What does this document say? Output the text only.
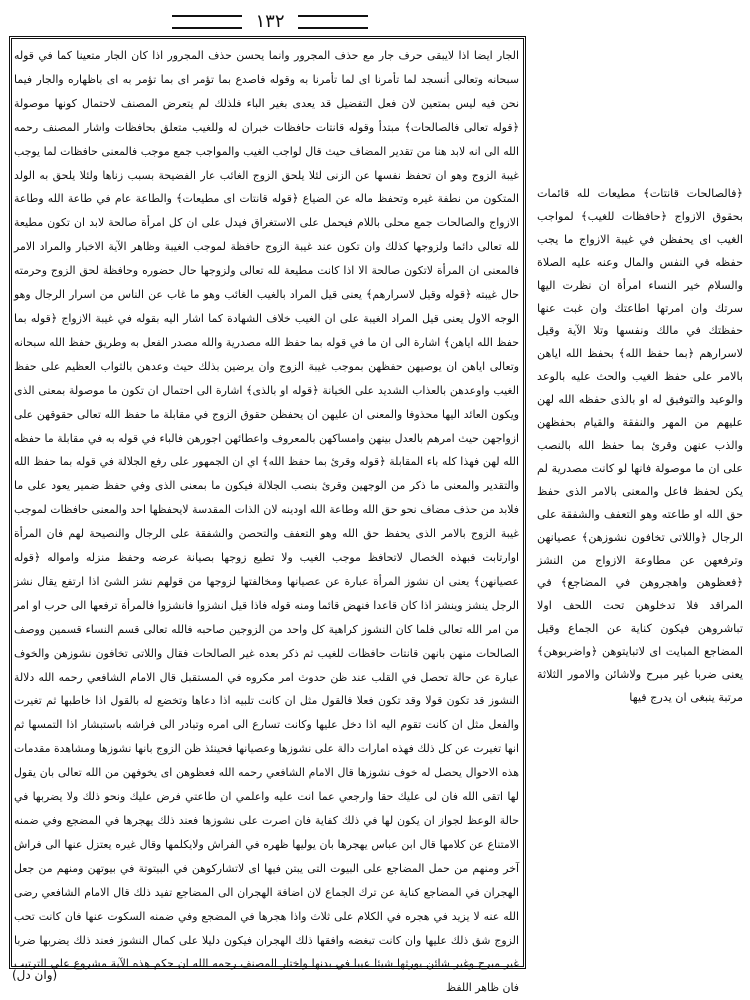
١٣٢

الجار ايضا اذا لايبقى حرف جار مع حذف المجرور وانما يحسن حذف المجرور اذا كان الجار متعينا كما في قوله سبحانه وتعالى أنسجد لما تأمرنا اى لما تأمرنا به وقوله فاصدع بما تؤمر اى بما تؤمر به اى باظهاره والجار فيما نحن فيه ليس بمتعين لان فعل التفضيل قد يعدى بغير الباء فلذلك لم يتعرض المصنف لاحتمال كونها موصولة ﴿قوله تعالى فالصالحات﴾ مبتدأ وقوله قانتات حافظات خبران له وللغيب متعلق بحافظات واشار المصنف رحمه الله الى انه لابد هنا من تقدير المضاف حيث قال لواجب الغيب والمواجب جمع موجب فالمعنى حافظات لما يوجب غيبة الزوج وهو ان تحفظ نفسها عن الزنى لئلا يلحق الزوج الغائب عار الفضيحة بسبب زناها ولئلا يلحق به الولد المتكون من نطفة غيره وتحفظ ماله عن الضياع ﴿قوله قانتات اى مطيعات﴾ والطاعة عام في طاعة الله وطاعة الازواج والصالحات جمع محلى باللام فيحمل على الاستغراق فيدل على ان كل امرأة صالحة لابد ان تكون مطيعة لله تعالى دائما ولزوجها كذلك وان تكون عند غيبة الزوج حافظة لموجب الغيبة وظاهر الآية الاخبار والمراد الامر فالمعنى ان المرأة لاتكون صالحة الا اذا كانت مطيعة لله تعالى ولزوجها حال حضوره وحافظة لحق الزوج وحرمته حال غيبته ﴿قوله وقيل لاسرارهم﴾ يعنى قيل المراد بالغيب الغائب وهو ما غاب عن الناس من اسرار الرجال وهو الوجه الاول يعنى قيل المراد الغيبة على ان الغيب خلاف الشهادة كما اشار اليه بقوله في غيبة الازواج ﴿قوله بما حفظ الله اياهن﴾ اشارة الى ان ما في قوله بما حفظ الله مصدرية والله مصدر الفعل به وطريق حفظ الله سبحانه وتعالى اياهن ان يوصيهن حفظهن بموجب غيبة الزوج وان يرضين بذلك حيث وعدهن بالثواب العظيم على حفظ الغيب واوعدهن بالعذاب الشديد على الخيانة ﴿قوله او بالذى﴾ اشارة الى احتمال ان تكون ما موصولة بمعنى الذى ويكون العائد اليها محذوفا والمعنى ان عليهن ان يحفظن حقوق الزوج في مقابلة ما حفظ الله تعالى حقوقهن على ازواجهن حيث امرهم بالعدل بينهن وامساكهن بالمعروف واعطائهن اجورهن فالباء في قوله به في مقابلة ما حفظه الله لهن فهذا كله باء المقابلة ﴿قوله وقرئ بما حفظ الله﴾ اي ان الجمهور على رفع الجلالة في قوله بما حفظ الله والتقدير والمعنى ما ذكر من الوجهين وقرئ بنصب الجلالة فيكون ما بمعنى الذى وفي حفظ ضمير يعود على ما فلابد من حذف مضاف نحو حق الله وطاعة الله اودينه لان الذات المقدسة لايحفظها احد والمعنى حافظات لموجب غيبة الزوج بالامر الذى يحفظ حق الله وهو التعفف والتحصن والشفقة على الرجال والنصيحة لهم فان المرأة اوارتابت فبهذه الخصال لاتحافظ موجب الغيب ولا تطيع زوجها بصيانة عرضه وحفظ منزله وامواله ﴿قوله عصيانهن﴾ يعنى ان نشوز المرأة عبارة عن عصيانها ومخالفتها لزوجها من قولهم نشز الشئ اذا ارتفع يقال نشز الرجل ينشز وينشز اذا كان قاعدا فنهض قائما ومنه قوله فاذا قيل انشزوا فانشزوا فالمرأة ترفعها الى حرب او امر من امر الله تعالى فلما كان النشوز كراهية كل واحد من الزوجين صاحبه فالله تعالى قسم النساء قسمين ووصف الصالحات منهن بانهن قانتات حافظات للغيب ثم ذكر بعده غير الصالحات فقال واللاتى تخافون نشوزهن والخوف عبارة عن حالة تحصل في القلب عند ظن حدوث امر مكروه في المستقبل قال الامام الشافعي رحمه الله دلالة النشوز قد تكون قولا وقد تكون فعلا فالقول مثل ان كانت تلبيه اذا دعاها وتخضع له بالقول اذا خاطبها ثم تغيرت والفعل مثل ان كانت تقوم اليه اذا دخل عليها وكانت تسارع الى امره وتبادر الى فراشه باستبشار اذا التمسها ثم انها تغيرت عن كل ذلك فهذه امارات دالة على نشوزها وعصيانها فحينئذ ظن الزوج بانها نشوزها ومشاهدة مقدمات هذه الاحوال يحصل له خوف نشوزها قال الامام الشافعي رحمه الله فعظوهن اى يخوفهن من الله تعالى بان يقول لها اتقى الله فان لى عليك حقا وارجعي عما انت عليه واعلمي ان طاعتي فرض عليك ونحو ذلك ولا يضربها في حالة الوعظ لجواز ان يكون لها في ذلك كفاية فان اصرت على نشوزها فعند ذلك يهجرها في المضجع وفي ضمنه الامتناع عن كلامها قال ابن عباس يهجرها بان يوليها ظهره في الفراش ولايكلمها وقال غيره يعتزل عنها الى فراش آخر ومنهم من حمل المضاجع على البيوت التى يبتن فيها اى لاتشاركوهن في البيتوتة في بيوتهن ومنهم من جعل الهجران في المضاجع كناية عن ترك الجماع لان اضافة الهجران الى المضاجع تفيد ذلك قال الامام الشافعي رضى الله عنه لا يزيد في هجره في الكلام على ثلاث واذا هجرها في المضجع وفي ضمنه السكوت عنها فان كانت تحب الزوج شق ذلك عليها وان كانت تبغضه وافقها ذلك الهجران فيكون دليلا على كمال النشوز فعند ذلك يضربها ضربا غير مبرح وغير شائن يورثها شيئا عيبا في بدنها واختار المصنف رحمه الله ان حكم هذه الآية مشروع على الترتيب فان ظاهر اللفظ

﴿فالصالحات قانتات﴾ مطيعات لله قائمات بحقوق الازواج ﴿حافظات للغيب﴾ لمواجب الغيب اى يحفظن في غيبة الازواج ما يجب حفظه في النفس والمال وعنه عليه الصلاة والسلام خير النساء امرأة ان نظرت اليها سرتك وان امرتها اطاعتك وان غبت عنها حفظتك في مالك ونفسها وتلا الآية وقيل لاسرارهم ﴿بما حفظ الله﴾ بحفظ الله اياهن بالامر على حفظ الغيب والحث عليه بالوعد والوعيد والتوفيق له او بالذى حفظه الله لهن عليهم من المهر والنفقة والقيام بحفظهن والذب عنهن وقرئ بما حفظ الله بالنصب على ان ما موصولة فانها لو كانت مصدرية لم يكن لحفظ فاعل والمعنى بالامر الذى حفظ حق الله او طاعته وهو التعفف والشفقة على الرجال ﴿واللاتى تخافون نشوزهن﴾ عصيانهن وترفعهن عن مطاوعة الازواج من النشز ﴿فعظوهن واهجروهن في المضاجع﴾ في المراقد فلا تدخلوهن تحت اللحف اولا تباشروهن فيكون كناية عن الجماع وقيل المضاجع المبايت اى لاتبايتوهن ﴿واضربوهن﴾ يعنى ضربا غير مبرح ولاشائن والامور الثلاثة مرتبة ينبغى ان يدرج فيها

(وان دل)
